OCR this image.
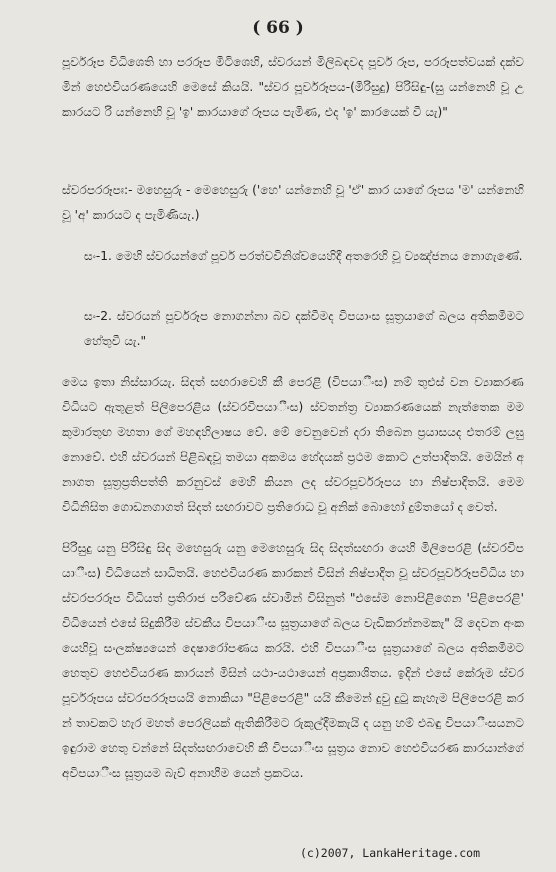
( 66 )

පූර්වරූප විධිශෙති හා පරරූප මීටිශෙහි, ස්වරයන් මිලිබඳවද පූර්ව රූප, පරරූපත්වයක් දක්වමින් හෙළුවියරණයෙහි මෙසේ කියයි. "ස්වර පූර්වරූපය-(මිරිසුදු) පිරිසිඳු-(සු යන්නෙහි වූ උකාරයට රි යන්නෙහි වූ 'ඉ' කාරයාගේ රූපය පැමිණ, එද 'ඉ' කාරයෙක් වී යැ)"

ස්වරපරරූපඃ:- මහෙසුරු - මෙහෙසුරු ('හෙ' යන්නෙහි වූ 'ඒ' කාර යාගේ රූපය 'ම' යන්නෙහි වූ 'අ' කාරයට ද පැමිණියැ.)

සං-1. මෙහි ස්වරයන්ගේ පූර්ව පරත්වවිනිශ්චයෙහිදී අතරෙහි වූ ව්‍යඤ්ජනය නොගැණේ.

සං-2. ස්වරයන් පූර්වරූප නොගන්නා බව දක්වීමද විපයාංස සූත්‍රයාගේ බලය අතිකමීමට හේතුවී යැ."

මෙය ඉතා නිස්සාරයැ. සිදත් සඟරාවෙහි කී පෙරළි (විපයාීංස) නම් තුළුස් වන ව්‍යාකරණ විධියට ඇතුළත් පිලිපෙරළිය (ස්වරවිපයාීංස) ස්වතන්ත්‍ර ව්‍යාකරණයෙක් නැත්තෙක මම කුමාරතුඟ මහතා ගේ මහඳහිලාෂය වේ. මේ වෙනුවෙන් දරා තිබෙන ප්‍රයාසයද එතරම් ලඝු නොවේ. එහි ස්වරයන් පිළිබඳවූ තමයා අකමය හේදයක් ප්‍රථම කොට උත්පාදිතයි. මෙයින් අනාගත සූත්‍රප්‍රතිපත්ති කරනුවස් මෙහි කියන ලද ස්වරපූර්වරූපය හා නිෂ්පාදිතයි. මෙම විධිනිසිත ගොඩනගාගත් සිදත් සඟරාවට ප්‍රතිරොධ වූ අනික් බොහෝ දුම්තයෝ ද වෙත්.

පිරිසුදු යනු පිරිසිඳු සිද මහෙසුරු යනු මෙහෙසුරු සිද සිදත්සඟරා යෙහි මිලිපෙරළි (ස්වරවිපයාීංස) විධියෙන් සාධිතයි. හෙළුවියරණ කාරකන් විසින් නිෂ්පාදිත වූ ස්වරපූර්වරූපවිධිය හා ස්වරපරරූප විධියත් ප්‍රතිරාජ පරිවේණ ස්වාමින් විසිනුත් "එසේම නොපිළිගෙන 'පිළිපෙරළි' විධියෙන් එසේ සිදුකිරීම ස්වකීය විපයාීංස සූත්‍රයාගේ බලය වැඩිකරන්නමකැ" යි දෙවන අංකයෙහිවූ සංලක්ෂ්‍යයෙන් දෙෂාරෝපණය කරයි. එහි විපයාීංස සූත්‍රයාගේ බලය අතිකමීමට හෙතුව හෙළුවියරණ කාරයන් මිසින් යථා-යථායෙන් අප්‍රකාශිතය. ඉදින් එසේ කේරුම ස්වරපූර්වරූපය ස්වරපරරූපයයි නොකියා "පිළිපෙරළි" යයි කීමෙන් දුවු දුටු කැහැම පිලිපෙරළි කරන් තාවකට හැර මහත් පෙරලියක් ඇතිකිරීමට රුකුල්දීමකැයි ද යනු හම් එබඳු විපයාීංසයනට ඉඳුරාම හෙතු වන්නේ සිදත්සඟරාවෙහි කී විපයාීංස සූත්‍රය නොව හෙළුවියරණ කාරයාන්ගේ අවිපයාීංස සූත්‍රයම බැව් අනාහීම යෙන් ප්‍රකටය.

(c)2007, LankaHeritage.com
